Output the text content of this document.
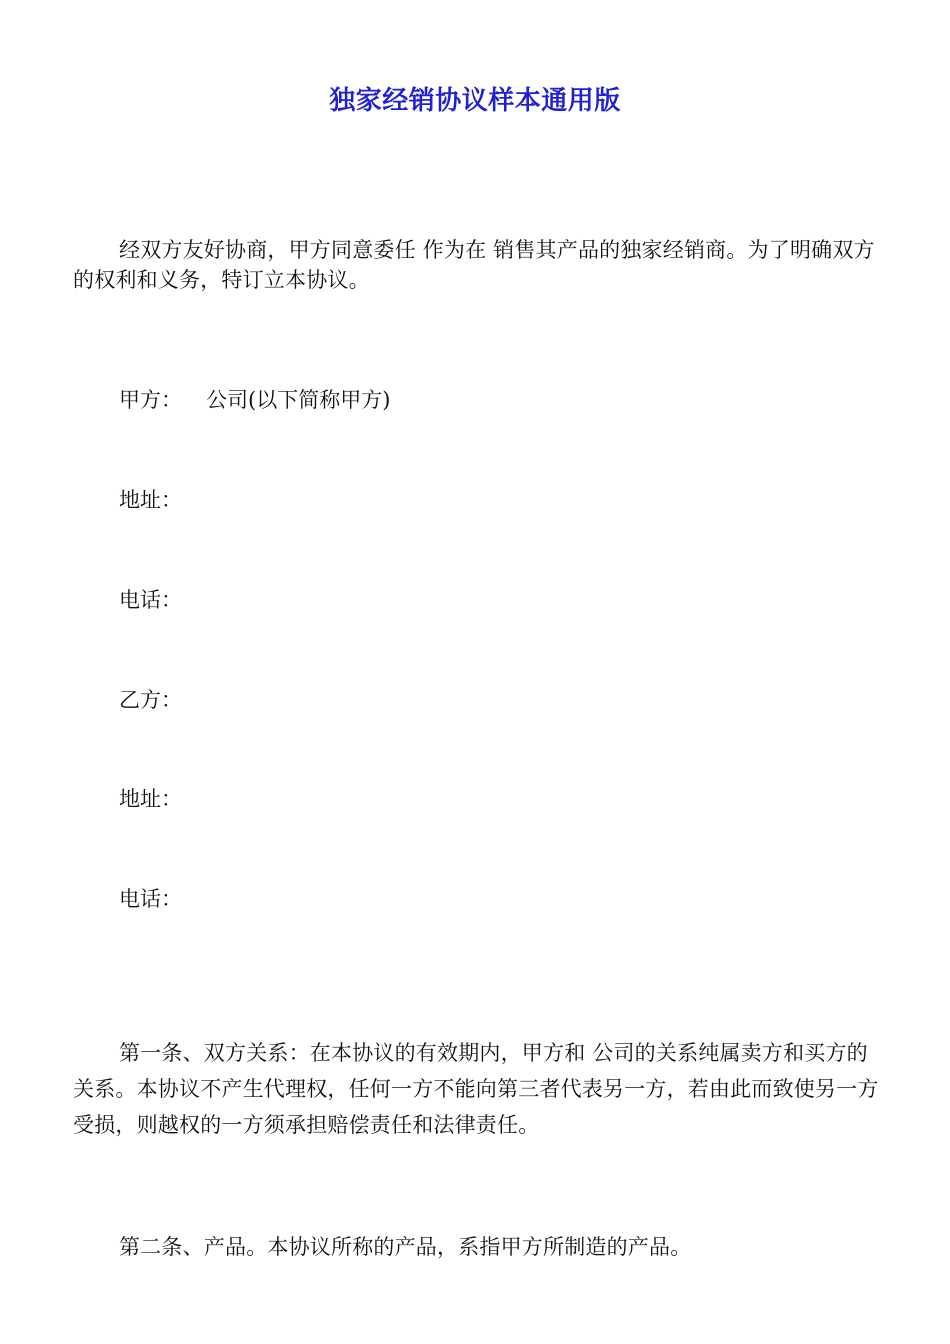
独家经销协议样本通用版
经双方友好协商，甲方同意委任 作为在 销售其产品的独家经销商。为了明确双方的权利和义务，特订立本协议。
甲方： 公司(以下简称甲方)
地址：
电话：
乙方：
地址：
电话：
第一条、双方关系：在本协议的有效期内，甲方和 公司的关系纯属卖方和买方的关系。本协议不产生代理权，任何一方不能向第三者代表另一方，若由此而致使另一方受损，则越权的一方须承担赔偿责任和法律责任。
第二条、产品。本协议所称的产品，系指甲方所制造的产品。
